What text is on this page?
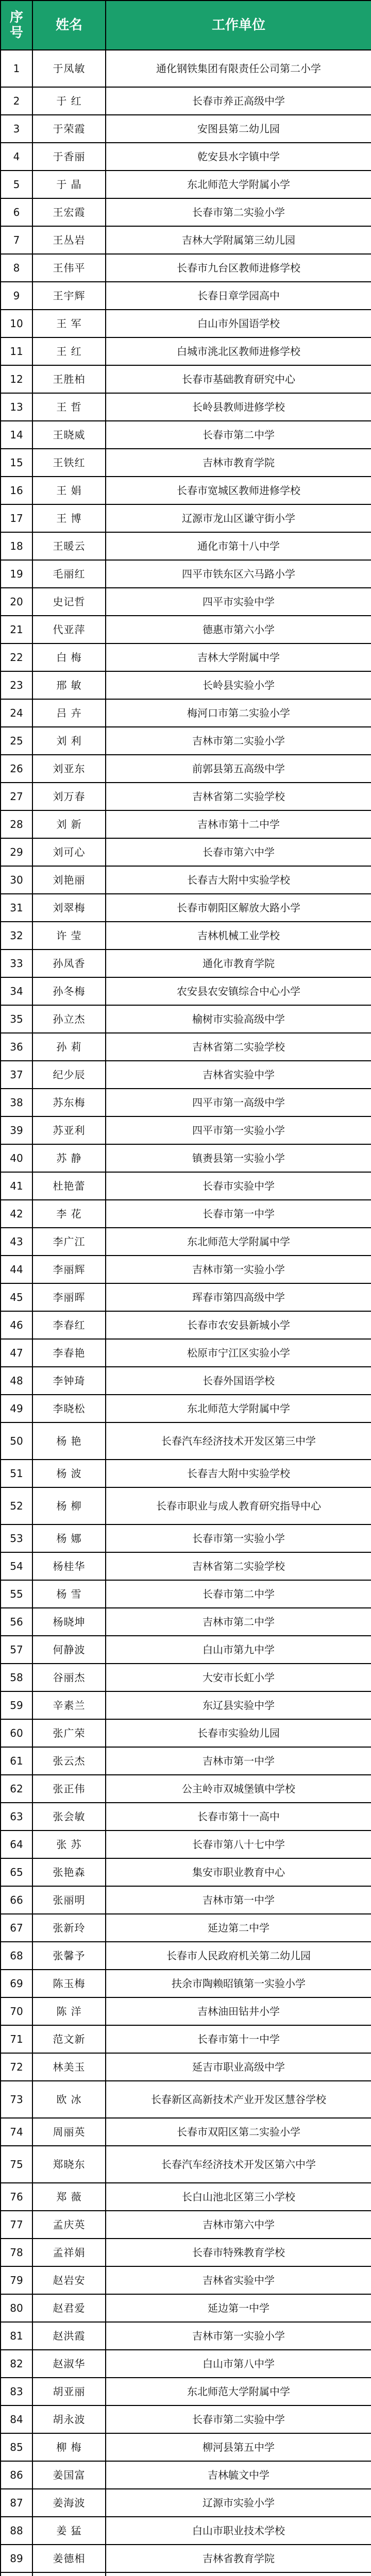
序号	姓名	工作单位
1	于凤敏	通化钢铁集团有限责任公司第二小学
2	于 红	长春市养正高级中学
3	于荣霞	安图县第二幼儿园
4	于香丽	乾安县水字镇中学
5	于 晶	东北师范大学附属小学
6	王宏霞	长春市第二实验小学
7	王丛岩	吉林大学附属第三幼儿园
8	王伟平	长春市九台区教师进修学校
9	王宇辉	长春日章学园高中
10	王 军	白山市外国语学校
11	王 红	白城市洮北区教师进修学校
12	王胜柏	长春市基础教育研究中心
13	王 哲	长岭县教师进修学校
14	王晓威	长春市第二中学
15	王铁红	吉林市教育学院
16	王 娟	长春市宽城区教师进修学校
17	王 博	辽源市龙山区谦守街小学
18	王暖云	通化市第十八中学
19	毛丽红	四平市铁东区六马路小学
20	史记哲	四平市实验中学
21	代亚萍	德惠市第六小学
22	白 梅	吉林大学附属中学
23	邢 敏	长岭县实验小学
24	吕 卉	梅河口市第二实验小学
25	刘 利	吉林市第二实验小学
26	刘亚东	前郭县第五高级中学
27	刘万春	吉林省第二实验学校
28	刘 新	吉林市第十二中学
29	刘可心	长春市第六中学
30	刘艳丽	长春吉大附中实验学校
31	刘翠梅	长春市朝阳区解放大路小学
32	许 莹	吉林机械工业学校
33	孙凤香	通化市教育学院
34	孙冬梅	农安县农安镇综合中心小学
35	孙立杰	榆树市实验高级中学
36	孙 莉	吉林省第二实验学校
37	纪少辰	吉林省实验中学
38	苏东梅	四平市第一高级中学
39	苏亚利	四平市第一实验小学
40	苏 静	镇赉县第一实验小学
41	杜艳蕾	长春市实验中学
42	李 花	长春市第一中学
43	李广江	东北师范大学附属中学
44	李丽辉	吉林市第一实验小学
45	李丽晖	珲春市第四高级中学
46	李春红	长春市农安县新城小学
47	李春艳	松原市宁江区实验小学
48	李钟琦	长春外国语学校
49	李晓松	东北师范大学附属中学
50	杨 艳	长春汽车经济技术开发区第三中学
51	杨 波	长春吉大附中实验学校
52	杨 柳	长春市职业与成人教育研究指导中心
53	杨 娜	长春市第一实验小学
54	杨桂华	吉林省第二实验学校
55	杨 雪	长春市第二中学
56	杨晓坤	吉林市第二中学
57	何静波	白山市第九中学
58	谷丽杰	大安市长虹小学
59	辛素兰	东辽县实验中学
60	张广荣	长春市实验幼儿园
61	张云杰	吉林市第一中学
62	张正伟	公主岭市双城堡镇中学校
63	张会敏	长春市第十一高中
64	张 苏	长春市第八十七中学
65	张艳森	集安市职业教育中心
66	张丽明	吉林市第一中学
67	张新玲	延边第二中学
68	张馨予	长春市人民政府机关第二幼儿园
69	陈玉梅	扶余市陶赖昭镇第一实验小学
70	陈 洋	吉林油田钻井小学
71	范文新	长春市第十一中学
72	林美玉	延吉市职业高级中学
73	欧 冰	长春新区高新技术产业开发区慧谷学校
74	周丽英	长春市双阳区第二实验小学
75	郑晓东	长春汽车经济技术开发区第六中学
76	郑 薇	长白山池北区第三小学校
77	孟庆英	吉林市第六中学
78	孟祥娟	长春市特殊教育学校
79	赵岩安	吉林省实验中学
80	赵君爱	延边第一中学
81	赵洪霞	吉林市第一实验小学
82	赵淑华	白山市第八中学
83	胡亚丽	东北师范大学附属中学
84	胡永波	长春市第二实验中学
85	柳 梅	柳河县第五中学
86	姜国富	吉林毓文中学
87	姜海波	辽源市实验小学
88	姜 猛	白山市职业技术学校
89	姜德相	吉林省教育学院
